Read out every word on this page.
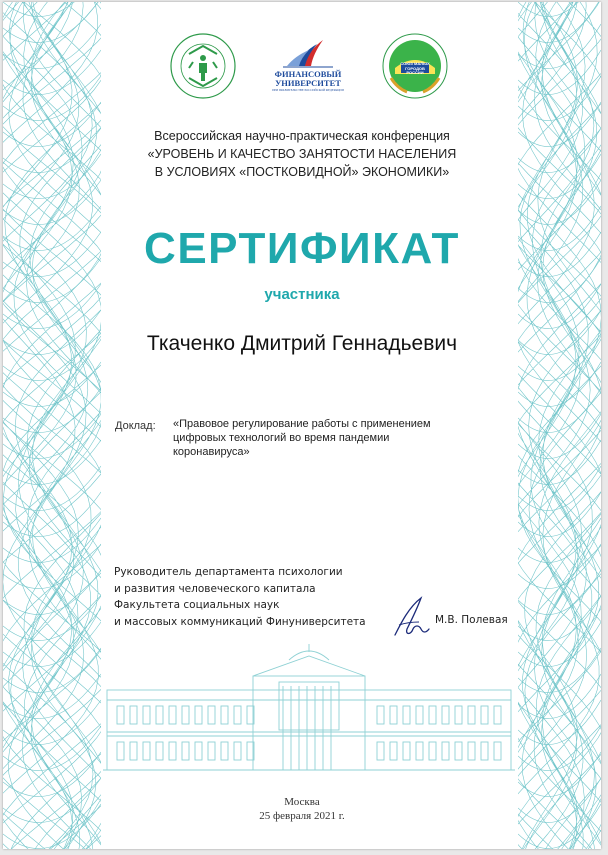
ФИНАНСОВЫЙ
УНИВЕРСИТЕТ
ПРИ ПРАВИТЕЛЬСТВЕ РОССИЙСКОЙ ФЕДЕРАЦИИ
СОЮЗ МАЛЫХ
ГОРОДОВ
РОССИИ
Всероссийская научно-практическая конференция
«УРОВЕНЬ И КАЧЕСТВО ЗАНЯТОСТИ НАСЕЛЕНИЯ
В УСЛОВИЯХ «ПОСТКОВИДНОЙ» ЭКОНОМИКИ»
СЕРТИФИКАТ
участника
Ткаченко Дмитрий Геннадьевич
Доклад: «Правовое регулирование работы с применением
цифровых технологий во время пандемии
коронавируса»
Руководитель департамента психологии
и развития человеческого капитала
Факультета социальных наук
и массовых коммуникаций Финуниверситета	М.В. Полевая
Москва
25 февраля 2021 г.
